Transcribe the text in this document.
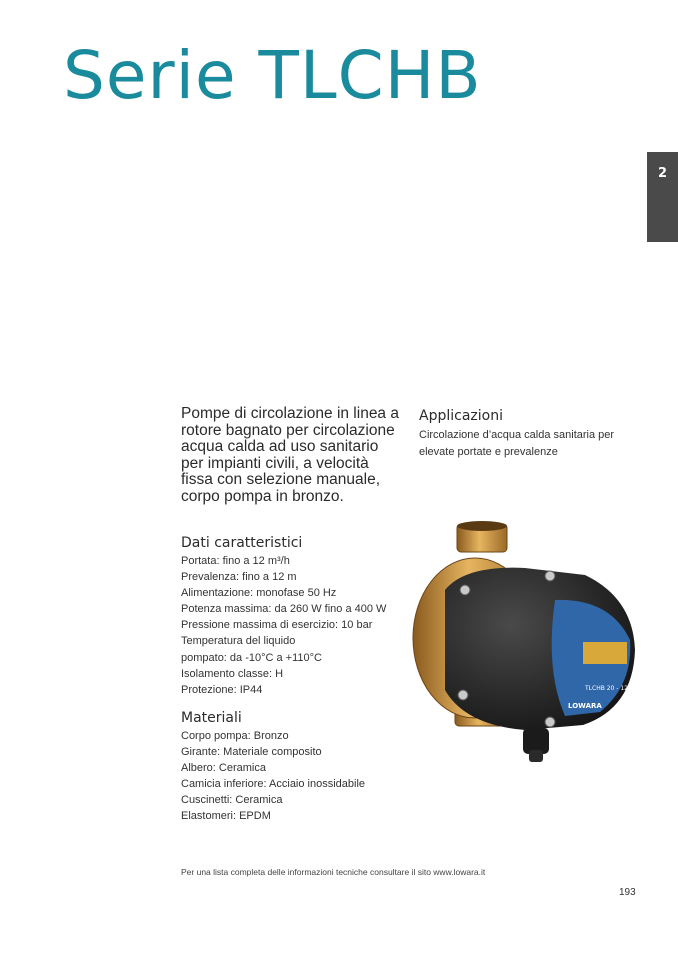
Serie TLCHB
2

Pompe di circolazione in linea a rotore bagnato per circolazione acqua calda ad uso sanitario per impianti civili, a velocità fissa con selezione manuale, corpo pompa in bronzo.

Applicazioni

Circolazione d’acqua calda sanitaria per elevate portate e prevalenze

Dati caratteristici
Portata: fino a 12 m³/h
Prevalenza: fino a 12 m
Alimentazione: monofase 50 Hz
Potenza massima: da 260 W fino a 400 W
Pressione massima di esercizio: 10 bar
Temperatura del liquido
pompato: da -10°C a +110°C
Isolamento classe: H
Protezione: IP44
Materiali
Corpo pompa: Bronzo
Girante: Materiale composito
Albero: Ceramica
Camicia inferiore: Acciaio inossidabile
Cuscinetti: Ceramica
Elastomeri: EPDM
TLCHB 20 - 12L
LOWARA

Per una lista completa delle informazioni tecniche consultare il sito www.lowara.it

193
